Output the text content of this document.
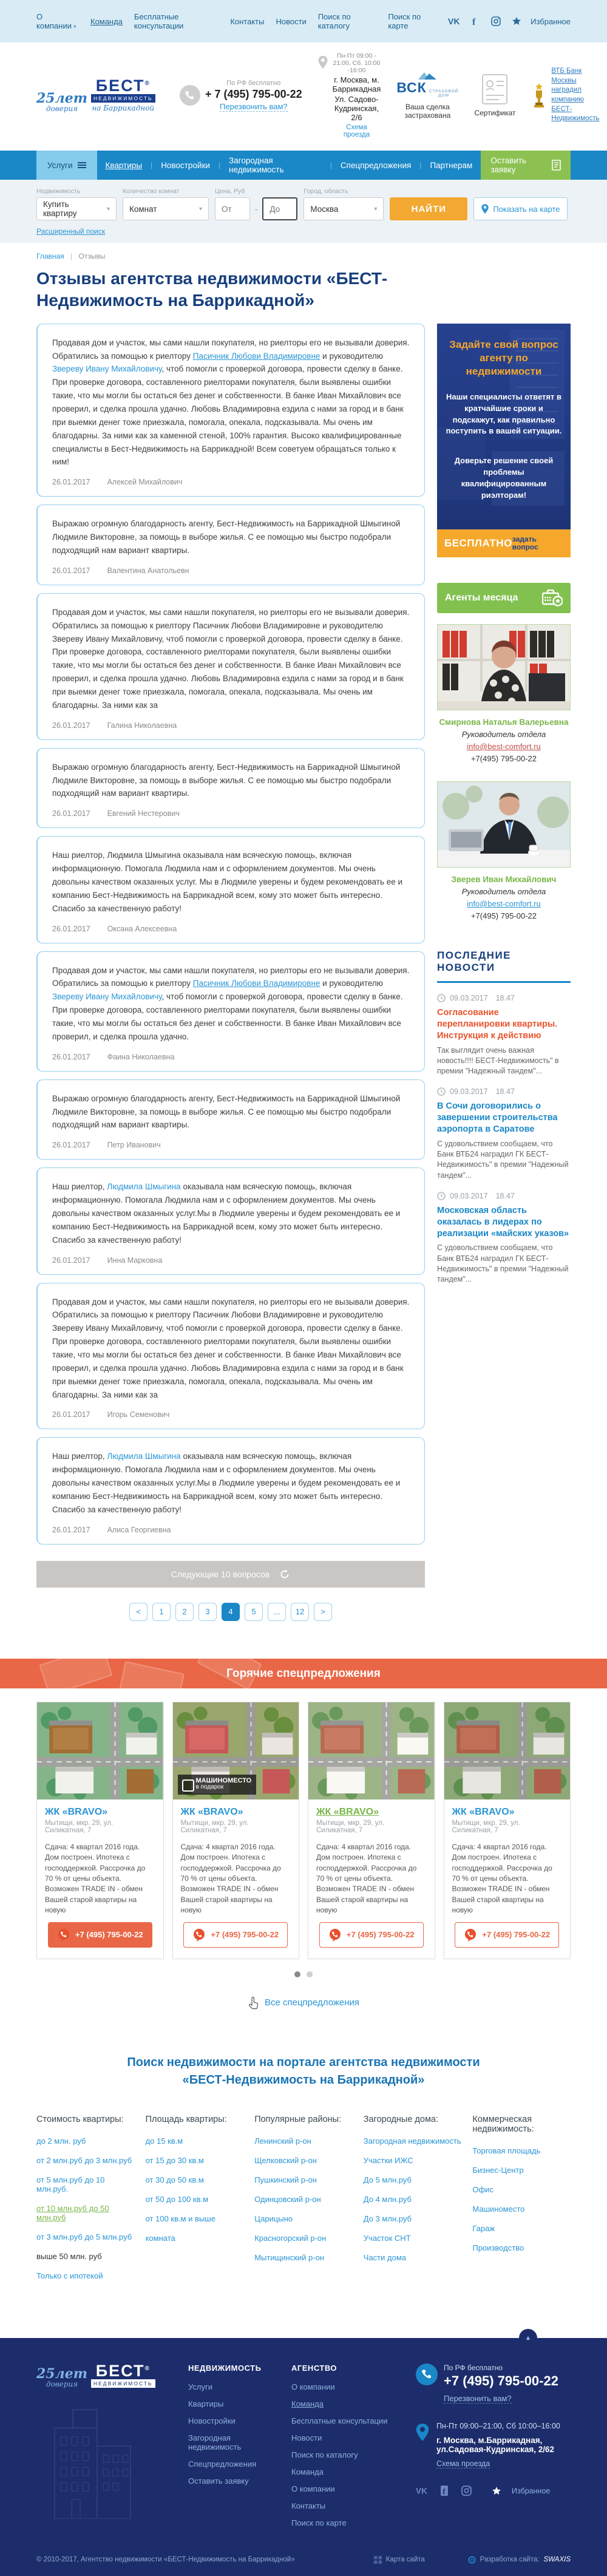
О компании ▾	Команда Бесплатные консультации	Контакты Новости Поиск по каталогу
Поиск по карте	VK f	Избранное
25лет
доверия
БЕСТ®
НЕДВИЖИМОСТЬ
на Баррикадной
По РФ бесплатно
+ 7 (495) 795-00-22
Перезвонить вам?
Пн-Пт 09:00 - 21:00, Сб. 10:00 -16:00
г. Москва, м. Баррикадная
Ул. Садово-Кудринская, 2/6
Схема проезда
ВСК СТРАХОВОЙ ДОМ
Ваша сделка застрахована	Сертификат
ВТБ Банк Москвы наградил компанию БЕСТ-Недвижимость
Услуги	Квартиры | Новостройки | Загородная недвижимость	| Спецпредложения | Партнерам Оставить заявку
Недвижимость
Купить квартиру	▾
Количество комнат
Комнат	▾
Цена, Руб
От
-
До
Город, область
Москва	▾	НАЙТИ	Показать на карте
Расширенный поиск
Главная | Отзывы
Отзывы агентства недвижимости «БЕСТ-Недвижимость на Баррикадной»

Продавая дом и участок, мы сами нашли покупателя, но риелторы его не вызывали доверия. Обратились за помощью к риелтору Пасичник Любови Владимировне и руководителю Звереву Ивану Михайловичу, чтоб помогли с проверкой договора, провести сделку в банке. При проверке договора, составленного риелторами покупателя, были выявлены ошибки такие, что мы могли бы остаться без денег и собственности. В банке Иван Михайлович все проверил, и сделка прошла удачно. Любовь Владимировна ездила с нами за город и в банк при выемки денег тоже приезжала, помогала, опекала, подсказывала. Мы очень им благодарны. За ними как за каменной стеной, 100% гарантия. Высоко квалифицированные специалисты в Бест-Недвижимость на Баррикадной! Всем советуем обращаться только к ним!

26.01.2017 Алексей Михайлович

Выражаю огромную благодарность агенту, Бест-Недвижимость на Баррикадной Шмыгиной Людмиле Викторовне, за помощь в выборе жилья. С ее помощью мы быстро подобрали подходящий нам вариант квартиры.

26.01.2017 Валентина Анатольевн

Продавая дом и участок, мы сами нашли покупателя, но риелторы его не вызывали доверия. Обратились за помощью к риелтору Пасичник Любови Владимировне и руководителю Звереву Ивану Михайловичу, чтоб помогли с проверкой договора, провести сделку в банке. При проверке договора, составленного риелторами покупателя, были выявлены ошибки такие, что мы могли бы остаться без денег и собственности. В банке Иван Михайлович все проверил, и сделка прошла удачно. Любовь Владимировна ездила с нами за город и в банк при выемки денег тоже приезжала, помогала, опекала, подсказывала. Мы очень им благодарны. За ними как за

26.01.2017 Галина Николаевна

Выражаю огромную благодарность агенту, Бест-Недвижимость на Баррикадной Шмыгиной Людмиле Викторовне, за помощь в выборе жилья. С ее помощью мы быстро подобрали подходящий нам вариант квартиры.

26.01.2017 Евгений Нестерович

Наш риелтор, Людмила Шмыгина оказывала нам всяческую помощь, включая информационную. Помогала Людмила нам и с оформлением документов. Мы очень довольны качеством оказанных услуг. Мы в Людмиле уверены и будем рекомендовать ее и компанию Бест-Недвижимость на Баррикадной всем, кому это может быть интересно. Спасибо за качественную работу!

26.01.2017 Оксана Алексеевна

Продавая дом и участок, мы сами нашли покупателя, но риелторы его не вызывали доверия. Обратились за помощью к риелтору Пасичник Любови Владимировне и руководителю Звереву Ивану Михайловичу, чтоб помогли с проверкой договора, провести сделку в банке. При проверке договора, составленного риелторами покупателя, были выявлены ошибки такие, что мы могли бы остаться без денег и собственности. В банке Иван Михайлович все проверил, и сделка прошла удачно.

26.01.2017 Фаина Николаевна

Выражаю огромную благодарность агенту, Бест-Недвижимость на Баррикадной Шмыгиной Людмиле Викторовне, за помощь в выборе жилья. С ее помощью мы быстро подобрали подходящий нам вариант квартиры.

26.01.2017 Петр Иванович

Наш риелтор, Людмила Шмыгина оказывала нам всяческую помощь, включая информационную. Помогала Людмила нам и с оформлением документов. Мы очень довольны качеством оказанных услуг.Мы в Людмиле уверены и будем рекомендовать ее и компанию Бест-Недвижимость на Баррикадной всем, кому это может быть интересно. Спасибо за качественную работу!

26.01.2017 Инна Марковна

Продавая дом и участок, мы сами нашли покупателя, но риелторы его не вызывали доверия. Обратились за помощью к риелтору Пасичник Любови Владимировне и руководителю Звереву Ивану Михайловичу, чтоб помогли с проверкой договора, провести сделку в банке. При проверке договора, составленного риелторами покупателя, были выявлены ошибки такие, что мы могли бы остаться без денег и собственности. В банке Иван Михайлович все проверил, и сделка прошла удачно. Любовь Владимировна ездила с нами за город и в банк при выемки денег тоже приезжала, помогала, опекала, подсказывала. Мы очень им благодарны. За ними как за

26.01.2017 Игорь Семенович

Наш риелтор, Людмила Шмыгина оказывала нам всяческую помощь, включая информационную. Помогала Людмила нам и с оформлением документов. Мы очень довольны качеством оказанных услуг.Мы в Людмиле уверены и будем рекомендовать ее и компанию Бест-Недвижимость на Баррикадной всем, кому это может быть интересно. Спасибо за качественную работу!

26.01.2017 Алиса Георгиевна
Следующие 10 вопросов
<	1	2	3	4	5	...	12	>
Задайте свой вопрос агенту по недвижимости
Наши специалисты ответят в кратчайшие сроки и подскажут, как правильно поступить в вашей ситуации.
Доверьте решение своей проблемы квалифицированным риэлторам!
БЕСПЛАТНО задать вопрос
Агенты месяца
Смирнова Наталья Валерьевна
Руководитель отдела
info@best-comfort.ru
+7(495) 795-00-22
Зверев Иван Михайлович
Руководитель отдела
info@best-comfort.ru
+7(495) 795-00-22
ПОСЛЕДНИЕ НОВОСТИ
09.03.2017 18.47
Согласование перепланировки квартиры. Инструкция к действию
Так выглядит очень важная новость!!!! БЕСТ-Недвижимость" в премии "Надежный тандем"...
09.03.2017 18.47
В Сочи договорились о завершении строительства аэропорта в Саратове
С удовольствием сообщаем, что Банк ВТБ24 наградил ГК БЕСТ-Недвижимость" в премии "Надежный тандем"...
09.03.2017 18.47
Московская область оказалась в лидерах по реализации «майских указов»
С удовольствием сообщаем, что Банк ВТБ24 наградил ГК БЕСТ-Недвижимость" в премии "Надежный тандем"...
Горячие спецпредложения
ЖК «BRAVO»
Мытищи, мкр. 29, ул. Силикатная, 7
Сдача: 4 квартал 2016 года. Дом построен. Ипотека с господдержкой. Рассрочка до 70 % от цены объекта. Возможен TRADE IN - обмен Вашей старой квартиры на новую
+7 (495) 795-00-22
МАШИНОМЕСТО
в подарок
ЖК «BRAVO»
Мытищи, мкр. 29, ул. Силикатная, 7
Сдача: 4 квартал 2016 года. Дом построен. Ипотека с господдержкой. Рассрочка до 70 % от цены объекта. Возможен TRADE IN - обмен Вашей старой квартиры на новую
+7 (495) 795-00-22
ЖК «BRAVO»
Мытищи, мкр. 29, ул. Силикатная, 7
Сдача: 4 квартал 2016 года. Дом построен. Ипотека с господдержкой. Рассрочка до 70 % от цены объекта. Возможен TRADE IN - обмен Вашей старой квартиры на новую
+7 (495) 795-00-22
ЖК «BRAVO»
Мытищи, мкр. 29, ул. Силикатная, 7
Сдача: 4 квартал 2016 года. Дом построен. Ипотека с господдержкой. Рассрочка до 70 % от цены объекта. Возможен TRADE IN - обмен Вашей старой квартиры на новую
+7 (495) 795-00-22
Все спецпредложения
Поиск недвижимости на портале агентства недвижимости
«БЕСТ-Недвижимость на Баррикадной»
Стоимость квартиры:
до 2 млн. руб
от 2 млн.руб до 3 млн.руб
от 5 млн.руб до 10 млн.руб.
от 10 млн.руб до 50 млн.руб
от 3 млн.руб до 5 млн.руб
выше 50 млн. руб
Только с ипотекой
Площадь квартиры:
до 15 кв.м
от 15 до 30 кв.м
от 30 до 50 кв.м
от 50 до 100 кв.м
от 100 кв.м и выше
комната
Популярные районы:
Ленинский р-он
Щелковский р-он
Пушкинский р-он
Одинцовский р-он
Царицыно
Красногорский р-он
Мытищинский р-он
Загородные дома:
Загородная недвижимость
Участки ИЖС
До 5 млн.руб
До 4 млн.руб
До 3 млн.руб
Участок СНТ
Части дома
Коммерческая недвижимость:
Торговая площадь
Бизнес-Центр
Офис
Машиноместо
Гараж
Производство
▲
25лет
доверия
БЕСТ®
НЕДВИЖИМОСТЬ
НЕДВИЖИМОСТЬ
Услуги
Квартиры
Новостройки
Загородная недвижимость
Спецпредложения
Оставить заявку
АГЕНСТВО
О компании
Команда
Бесплатные консультации
Новости
Поиск по каталогу
Команда
О компании
Контакты
Поиск по карте
По РФ бесплатно
+7 (495) 795-00-22
Перезвонить вам?
Пн-Пт 09:00–21:00, Сб 10:00–16:00
г. Москва, м.Баррикадная, ул.Садовая-Кудринская, 2/62
Схема проезда
VK f	Избранное
© 2010-2017, Агентство недвижимости «БЕСТ-Недвижимость на Баррикадной»	Карта сайта	Разработка сайта: SWAXIS
